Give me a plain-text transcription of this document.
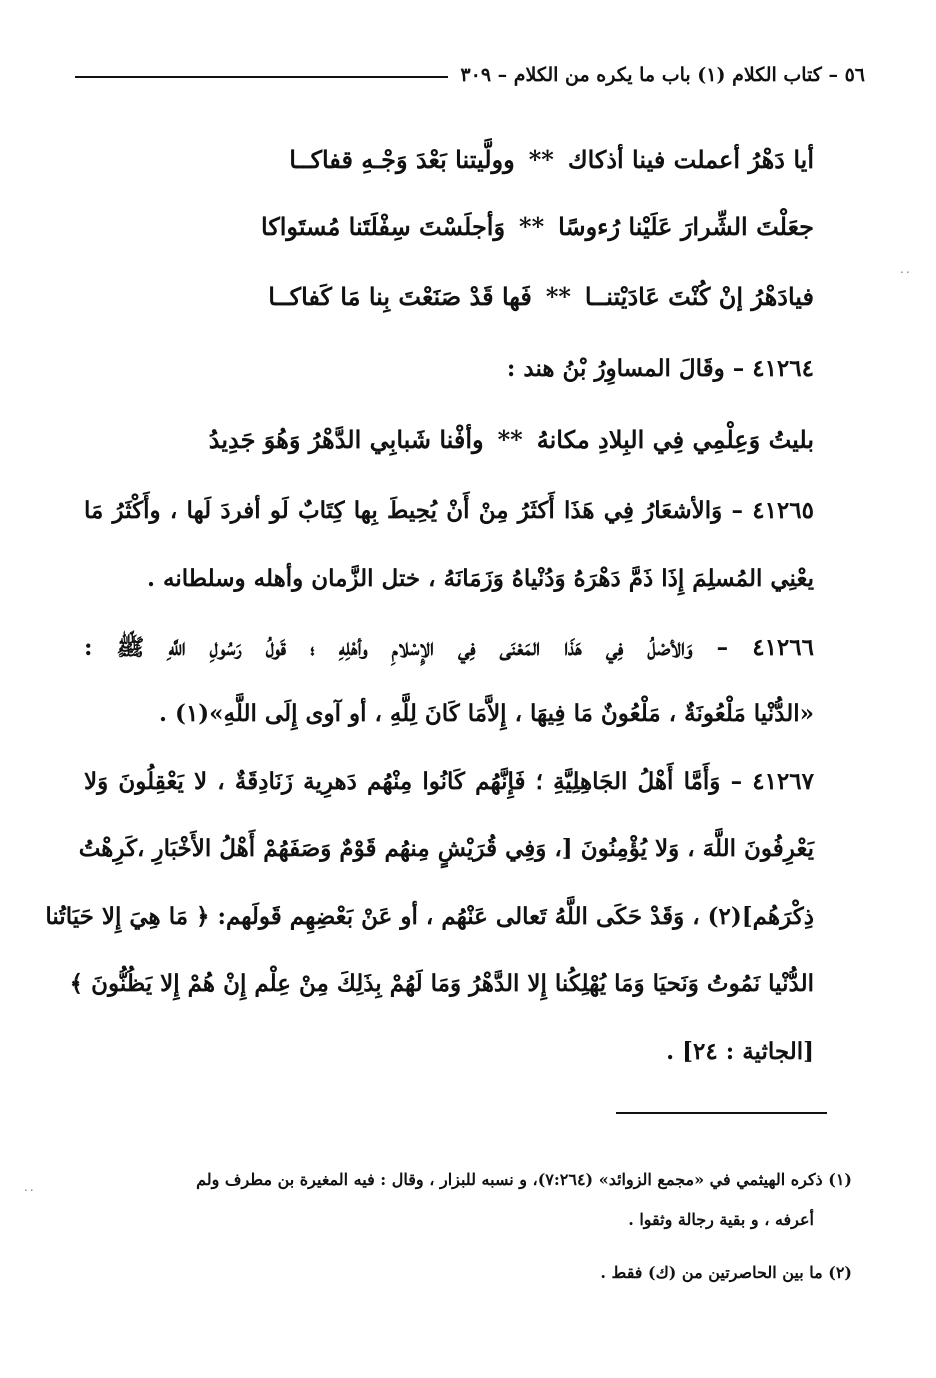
٥٦ – كتاب الكلام (١) باب ما يكره من الكلام – ٣٠٩
أيا دَهْرُ أعملت فينا أذكاك
**
وولَّيتنا بَعْدَ وَجْـهِ قفاكــا
جعَلْتَ الشِّرارَ عَلَيْنا رُءوسًا
**
وَأجلَسْتَ سِفْلَتَنا مُستَواكا
فيادَهْرُ إنْ كُنْتَ عَادَيْتنــا
**
فَها قَدْ صَنَعْتَ بِنا مَا كَفاكــا
٤١٢٦٤ – وقَالَ المساوِرُ بْنُ هند :
بليتُ وَعِلْمِي فِي البِلادِ مكانهُ
**
وأفْنا شَبابِي الدَّهْرُ وَهُوَ جَدِيدُ
٤١٢٦٥ – وَالأشعَارُ فِي هَذَا أَكثَرُ مِنْ أَنْ يُحِيطَ بِها كِتَابٌ لَو أفردَ لَها ، وأَكْثَرُ مَا
يعْنِي المُسلِمَ إِذَا ذَمَّ دَهْرَهُ وَدُنْياهُ وَزَمَانَهُ ، ختل الزَّمان وأهله وسلطانه .
٤١٢٦٦ – وَالأصْلُ فِي هَذَا المَعْنَى فِي الإِسْلامِ وأهْلِهِ ؛ قَولُ رَسُولِ اللَّهِ ﷺ :
«الدُّنْيا مَلْعُونَةٌ ، مَلْعُونٌ مَا فِيهَا ، إِلاَّمَا كَانَ لِلَّهِ ، أو آوى إِلَى اللَّهِ»(١) .
٤١٢٦٧ – وَأَمَّا أَهْلُ الجَاهِلِيَّةِ ؛ فَإِنَّهُم كَانُوا مِنْهُم دَهرِية زَنَادِقَةٌ ، لا يَعْقِلُونَ وَلا
يَعْرِفُونَ اللَّهَ ، وَلا يُؤْمِنُونَ [، وَفِي قُرَيْشٍ مِنهُم قَوْمٌ وَصَفَهُمْ أَهْلُ الأَخْبَارِ ،كَرِهْتُ
ذِكْرَهُم](٢) ، وَقَدْ حَكَى اللَّهُ تَعالى عَنْهُم ، أو عَنْ بَعْضِهِم قَولَهم: ﴿ مَا هِيَ إِلا حَيَاتُنا
الدُّنْيا نَمُوتُ وَنَحيَا وَمَا يُهْلِكُنا إِلا الدَّهْرُ وَمَا لَهُمْ بِذَلِكَ مِنْ عِلْم إِنْ هُمْ إِلا يَظُنُّونَ ﴾
[الجاثية : ٢٤] .
(١) ذكره الهيثمي في «مجمع الزوائد» (٧:٢٦٤)، و نسبه للبزار ، وقال : فيه المغيرة بن مطرف ولم
أعرفه ، و بقية رجالة وثقوا .
(٢) ما بين الحاصرتين من (ك) فقط .
..
..
